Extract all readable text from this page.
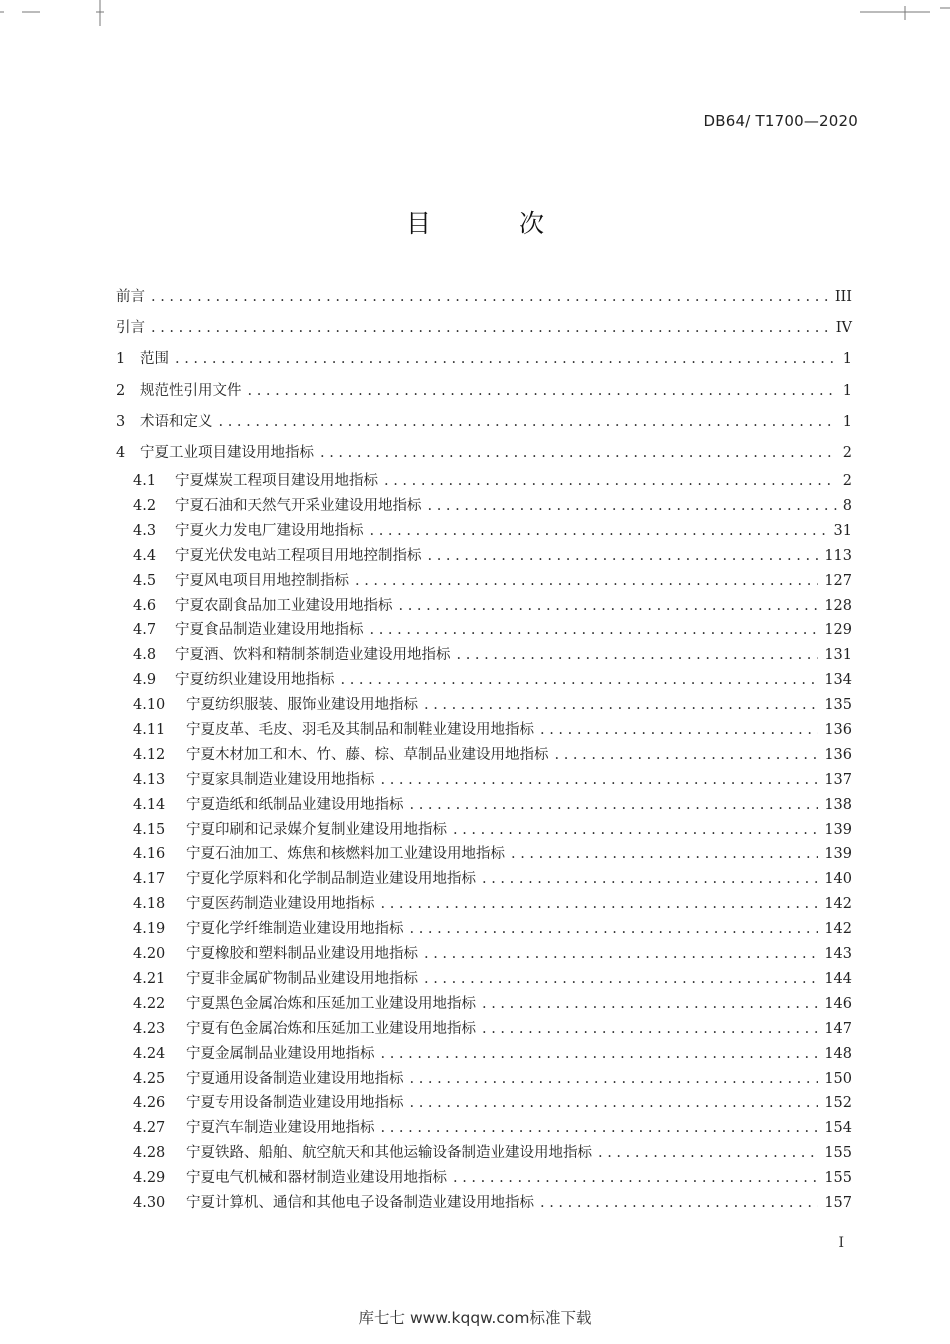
DB64/ T1700—2020
目 次
前言 . . .	III
引言 . . .	IV
1	范围 . . .	1
2	规范性引用文件 . . .	1
3	术语和定义 . . .	1
4	宁夏工业项目建设用地指标 . . .	2
4.1	宁夏煤炭工程项目建设用地指标 . . .	2
4.2	宁夏石油和天然气开采业建设用地指标 . . .	8
4.3	宁夏火力发电厂建设用地指标 . . .	31
4.4	宁夏光伏发电站工程项目用地控制指标 . . .	113
4.5	宁夏风电项目用地控制指标 . . .	127
4.6	宁夏农副食品加工业建设用地指标 . . .	128
4.7	宁夏食品制造业建设用地指标 . . .	129
4.8	宁夏酒、饮料和精制茶制造业建设用地指标 . . .	131
4.9	宁夏纺织业建设用地指标 . . .	134
4.10	宁夏纺织服装、服饰业建设用地指标 . . .	135
4.11	宁夏皮革、毛皮、羽毛及其制品和制鞋业建设用地指标 . . .	136
4.12	宁夏木材加工和木、竹、藤、棕、草制品业建设用地指标 . . .	136
4.13	宁夏家具制造业建设用地指标 . . .	137
4.14	宁夏造纸和纸制品业建设用地指标 . . .	138
4.15	宁夏印刷和记录媒介复制业建设用地指标 . . .	139
4.16	宁夏石油加工、炼焦和核燃料加工业建设用地指标 . . .	139
4.17	宁夏化学原料和化学制品制造业建设用地指标 . . .	140
4.18	宁夏医药制造业建设用地指标 . . .	142
4.19	宁夏化学纤维制造业建设用地指标 . . .	142
4.20	宁夏橡胶和塑料制品业建设用地指标 . . .	143
4.21	宁夏非金属矿物制品业建设用地指标 . . .	144
4.22	宁夏黑色金属冶炼和压延加工业建设用地指标 . . .	146
4.23	宁夏有色金属冶炼和压延加工业建设用地指标 . . .	147
4.24	宁夏金属制品业建设用地指标 . . .	148
4.25	宁夏通用设备制造业建设用地指标 . . .	150
4.26	宁夏专用设备制造业建设用地指标 . . .	152
4.27	宁夏汽车制造业建设用地指标 . . .	154
4.28	宁夏铁路、船舶、航空航天和其他运输设备制造业建设用地指标 . . .	155
4.29	宁夏电气机械和器材制造业建设用地指标 . . .	155
4.30	宁夏计算机、通信和其他电子设备制造业建设用地指标 . . .	157
I
库七七 www.kqqw.com标准下载
